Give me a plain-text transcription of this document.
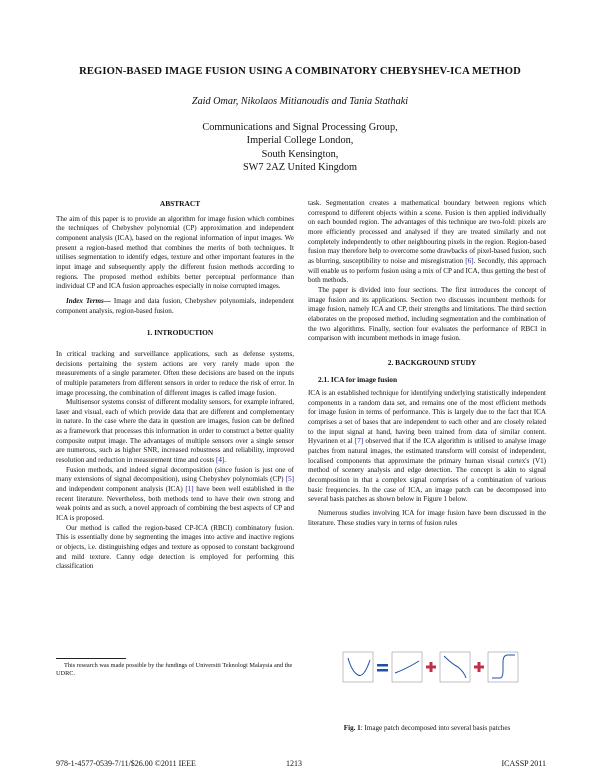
REGION-BASED IMAGE FUSION USING A COMBINATORY CHEBYSHEV-ICA METHOD
Zaid Omar, Nikolaos Mitianoudis and Tania Stathaki
Communications and Signal Processing Group,
Imperial College London,
South Kensington,
SW7 2AZ United Kingdom

ABSTRACT

The aim of this paper is to provide an algorithm for image fusion which combines the techniques of Chebyshev polynomial (CP) approximation and independent component analysis (ICA), based on the regional information of input images. We present a region-based method that combines the merits of both techniques. It utilises segmentation to identify edges, texture and other important features in the input image and subsequently apply the different fusion methods according to regions. The proposed method exhibits better perceptual performance than individual CP and ICA fusion approaches especially in noise corrupted images.

Index Terms— Image and data fusion, Chebyshev polynomials, independent component analysis, region-based fusion.

1. INTRODUCTION

In critical tracking and surveillance applications, such as defense systems, decisions pertaining the system actions are very rarely made upon the measurements of a single parameter. Often these decisions are based on the inputs of multiple parameters from different sensors in order to reduce the risk of error. In image processing, the combination of different images is called image fusion.

Multisensor systems consist of different modality sensors, for example infrared, laser and visual, each of which provide data that are different and complementary in nature. In the case where the data in question are images, fusion can be defined as a framework that processes this information in order to construct a better quality composite output image. The advantages of multiple sensors over a single sensor are numerous, such as higher SNR, increased robustness and reliability, improved resolution and reduction in measurement time and costs [4].

Fusion methods, and indeed signal decomposition (since fusion is just one of many extensions of signal decomposition), using Chebyshev polynomials (CP) [5] and independent component analysis (ICA) [1] have been well established in the recent literature. Nevertheless, both methods tend to have their own strong and weak points and as such, a novel approach of combining the best aspects of CP and ICA is proposed.

Our method is called the region-based CP-ICA (RBCI) combinatory fusion. This is essentially done by segmenting the images into active and inactive regions or objects, i.e. distinguishing edges and texture as opposed to constant background and mild texture. Canny edge detection is employed for performing this classification

This research was made possible by the fundings of Universiti Teknologi Malaysia and the UDRC.

task. Segmentation creates a mathematical boundary between regions which correspond to different objects within a scene. Fusion is then applied individually on each bounded region. The advantages of this technique are two-fold: pixels are more efficiently processed and analysed if they are treated similarly and not completely independently to other neighbouring pixels in the region. Region-based fusion may therefore help to overcome some drawbacks of pixel-based fusion, such as blurring, susceptibility to noise and misregistration [6]. Secondly, this approach will enable us to perform fusion using a mix of CP and ICA, thus getting the best of both methods.

The paper is divided into four sections. The first introduces the concept of image fusion and its applications. Section two discusses incumbent methods for image fusion, namely ICA and CP, their strengths and limitations. The third section elaborates on the proposed method, including segmentation and the combination of the two algorithms. Finally, section four evaluates the performance of RBCI in comparison with incumbent methods in image fusion.

2. BACKGROUND STUDY

2.1. ICA for image fusion

ICA is an established technique for identifying underlying statistically independent components in a random data set, and remains one of the most efficient methods for image fusion in terms of performance. This is largely due to the fact that ICA comprises a set of bases that are independent to each other and are closely related to the input signal at hand, having been trained from data of similar content. Hyvarinen et al [7] observed that if the ICA algorithm is utilised to analyse image patches from natural images, the estimated transform will consist of independent, localised components that approximate the primary human visual cortex's (V1) method of scenery analysis and edge detection. The concept is akin to signal decomposition in that a complex signal comprises of a combination of various basic frequencies. In the case of ICA, an image patch can be decomposed into several basis patches as shown below in Figure 1 below.

Numerous studies involving ICA for image fusion have been discussed in the literature. These studies vary in terms of fusion rules

Fig. 1: Image patch decomposed into several basis patches
978-1-4577-0539-7/11/$26.00 ©2011 IEEE	1213	ICASSP 2011
